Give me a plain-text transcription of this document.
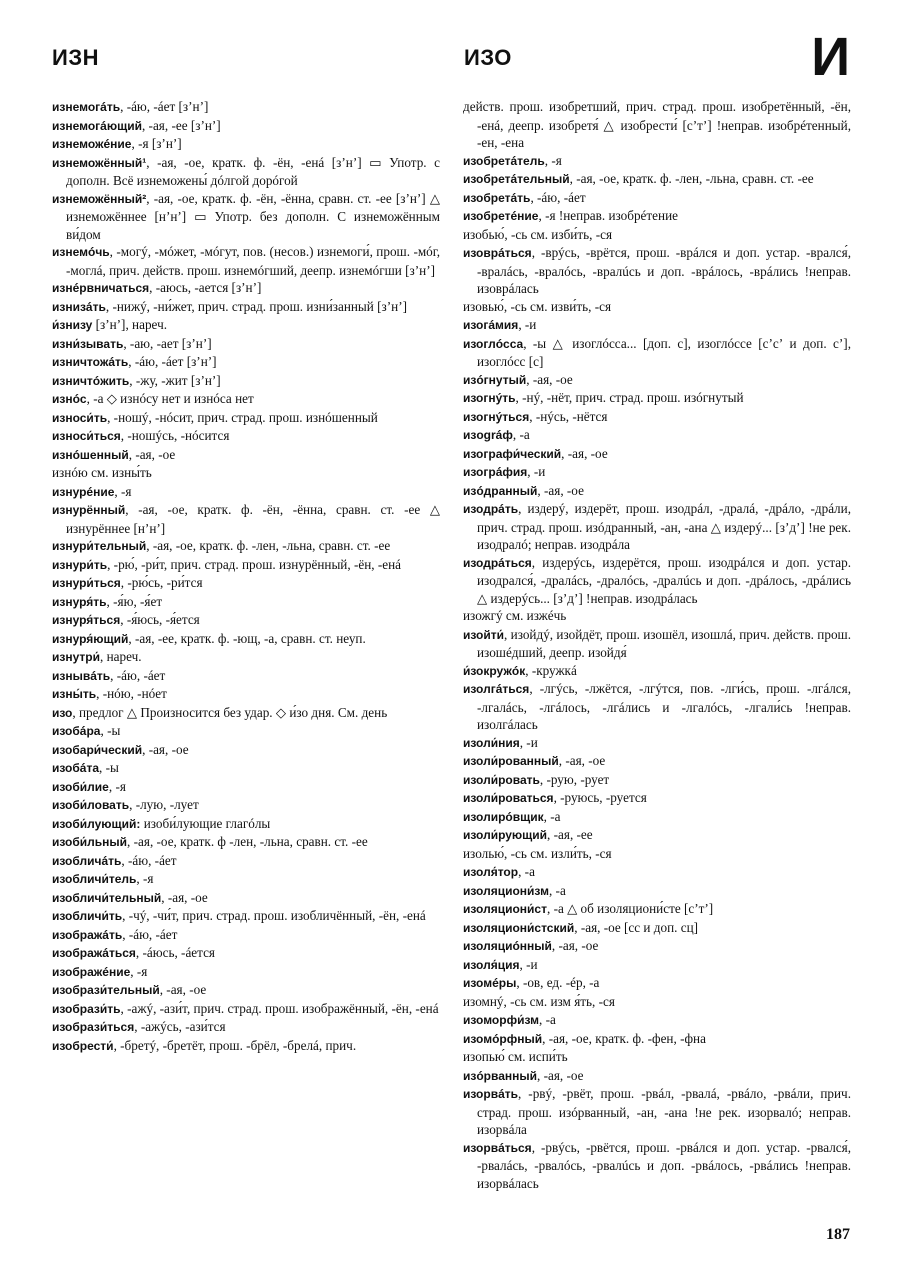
ИЗН	ИЗО	И

изнемогáть, -áю, -áет [зʼнʼ]

изнемогáющий, -ая, -ее [зʼнʼ]

изнеможéние, -я [зʼнʼ]

изнеможённый¹, -ая, -ое, кратк. ф. -ён, -енá [зʼнʼ] ▭ Употр. с дополн. Всё изнеможены́ дóлгой дорóгой

изнеможённый², -ая, -ое, кратк. ф. -ён, -ённа, сравн. ст. -ее [зʼнʼ] △ изнеможённее [нʼнʼ] ▭ Употр. без дополн. С изнеможённым ви́дом

изнемóчь, -могý, -мóжет, -мóгут, пов. (несов.) изнемоги́, прош. -мóг, -моглá, прич. действ. прош. изнемóгший, деепр. изнемóгши [зʼнʼ]

изнéрвничаться, -аюсь, -ается [зʼнʼ]

изнизáть, -нижý, -ни́жет, прич. страд. прош. изни́занный [зʼнʼ]

и́знизу [зʼнʼ], нареч.

изни́зывать, -аю, -ает [зʼнʼ]

изничтожáть, -áю, -áет [зʼнʼ]

изничтóжить, -жу, -жит [зʼнʼ]

изнóс, -а ◇ изнóсу нет и изнóса нет

износи́ть, -ношý, -нóсит, прич. страд. прош. изнóшенный

износи́ться, -ношýсь, -нóсится

изнóшенный, -ая, -ое

изнóю см. изны́ть

изнурéние, -я

изнурённый, -ая, -ое, кратк. ф. -ён, -ённа, сравн. ст. -ее △ изнурённее [нʼнʼ]

изнури́тельный, -ая, -ое, кратк. ф. -лен, -льна, сравн. ст. -ее

изнури́ть, -рю́, -ри́т, прич. страд. прош. изнурённый, -ён, -енá

изнури́ться, -рю́сь, -ри́тся

изнуря́ть, -я́ю, -я́ет

изнуря́ться, -я́юсь, -я́ется

изнуря́ющий, -ая, -ее, кратк. ф. -ющ, -а, сравн. ст. неуп.

изнутри́, нареч.

изнывáть, -áю, -áет

изны́ть, -нóю, -нóет

изо, предлог △ Произносится без удар. ◇ и́зо дня. См. день

изобáра, -ы

изобари́ческий, -ая, -ое

изобáта, -ы

изоби́лие, -я

изоби́ловать, -лую, -лует

изоби́лующий: изоби́лующие глагóлы

изоби́льный, -ая, -ое, кратк. ф -лен, -льна, сравн. ст. -ее

изобличáть, -áю, -áет

изобличи́тель, -я

изобличи́тельный, -ая, -ое

изобличи́ть, -чý, -чи́т, прич. страд. прош. изобличённый, -ён, -енá

изображáть, -áю, -áет

изображáться, -áюсь, -áется

изображéние, -я

изобрази́тельный, -ая, -ое

изобрази́ть, -ажý, -ази́т, прич. страд. прош. изображённый, -ён, -енá

изобрази́ться, -ажýсь, -ази́тся

изобрести́, -бретý, -бретёт, прош. -брёл, -брелá, прич.

действ. прош. изобретший, прич. страд. прош. изобретённый, -ён, -енá, деепр. изобретя́ △ изобрести́ [сʼтʼ] !неправ. изобрéтенный, -ен, -ена

изобретáтель, -я

изобретáтельный, -ая, -ое, кратк. ф. -лен, -льна, сравн. ст. -ее

изобретáть, -áю, -áет

изобретéние, -я !неправ. изобрéтение

изобью́, -сь см. изби́ть, -ся

изоврáться, -врýсь, -врётся, прош. -врáлся и доп. устар. -врался́, -вралáсь, -вралóсь, -вралúсь и доп. -врáлось, -врáлись !неправ. изоврáлась

изовью́, -сь см. изви́ть, -ся

изогáмия, -и

изоглóсса, -ы △ изоглóсса... [доп. с], изоглóссе [сʼсʼ и доп. сʼ], изоглóсс [с]

изóгнутый, -ая, -ое

изогнýть, -нý, -нёт, прич. страд. прош. изóгнутый

изогнýться, -нýсь, -нётся

изográф, -а

изографи́ческий, -ая, -ое

изогрáфия, -и

изóдранный, -ая, -ое

изодрáть, издерý, издерёт, прош. изодрáл, -дралá, -дрáло, -дрáли, прич. страд. прош. изóдранный, -ан, -ана △ издерý... [зʼдʼ] !не рек. изодралó; неправ. изодрáла

изодрáться, издерýсь, издерётся, прош. изодрáлся и доп. устар. изодрался́, -дралáсь, -дралóсь, -дралúсь и доп. -дрáлось, -дрáлись △ издерýсь... [зʼдʼ] !неправ. изодрáлась

изожгý см. изжéчь

изойти́, изойдý, изойдёт, прош. изошёл, изошлá, прич. действ. прош. изошéдший, деепр. изойдя́

и́зокружóк, -кружкá

изолгáться, -лгýсь, -лжётся, -лгýтся, пов. -лги́сь, прош. -лгáлся, -лгалáсь, -лгáлось, -лгáлись и -лгалóсь, -лгали́сь !неправ. изолгáлась

изоли́ния, -и

изоли́рованный, -ая, -ое

изоли́ровать, -рую, -рует

изоли́роваться, -руюсь, -руется

изолирóвщик, -а

изоли́рующий, -ая, -ее

изолью́, -сь см. изли́ть, -ся

изоля́тор, -а

изоляциони́зм, -а

изоляциони́ст, -а △ об изоляциони́сте [сʼтʼ]

изоляциони́стский, -ая, -ое [сс и доп. сц]

изоляциóнный, -ая, -ое

изоля́ция, -и

изомéры, -ов, ед. -éр, -а

изомнý, -сь см. изм я́ть, -ся

изоморфи́зм, -а

изомóрфный, -ая, -ое, кратк. ф. -фен, -фна

изопью́ см. испи́ть

изóрванный, -ая, -ое

изорвáть, -рвý, -рвёт, прош. -рвáл, -рвалá, -рвáло, -рвáли, прич. страд. прош. изóрванный, -ан, -ана !не рек. изорвалó; неправ. изорвáла

изорвáться, -рвýсь, -рвётся, прош. -рвáлся и доп. устар. -рвался́, -рвалáсь, -рвалóсь, -рвалúсь и доп. -рвáлось, -рвáлись !неправ. изорвáлась

187
